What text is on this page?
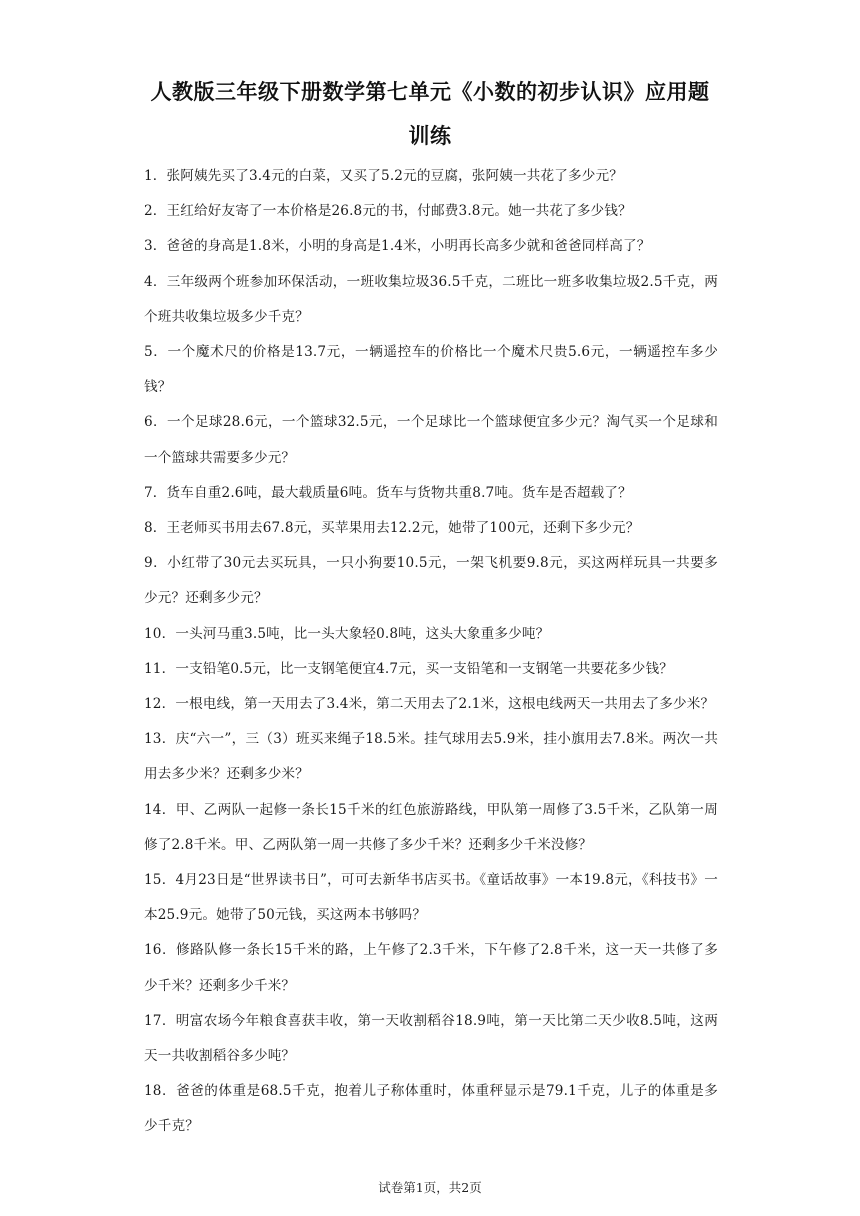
人教版三年级下册数学第七单元《小数的初步认识》应用题
训练

1．张阿姨先买了3.4元的白菜，又买了5.2元的豆腐，张阿姨一共花了多少元？

2．王红给好友寄了一本价格是26.8元的书，付邮费3.8元。她一共花了多少钱？

3．爸爸的身高是1.8米，小明的身高是1.4米，小明再长高多少就和爸爸同样高了？

4．三年级两个班参加环保活动，一班收集垃圾36.5千克，二班比一班多收集垃圾2.5千克，两个班共收集垃圾多少千克？

5．一个魔术尺的价格是13.7元，一辆遥控车的价格比一个魔术尺贵5.6元，一辆遥控车多少钱？

6．一个足球28.6元，一个篮球32.5元，一个足球比一个篮球便宜多少元？淘气买一个足球和一个篮球共需要多少元？

7．货车自重2.6吨，最大载质量6吨。货车与货物共重8.7吨。货车是否超载了？

8．王老师买书用去67.8元，买苹果用去12.2元，她带了100元，还剩下多少元？

9．小红带了30元去买玩具，一只小狗要10.5元，一架飞机要9.8元，买这两样玩具一共要多少元？还剩多少元？

10．一头河马重3.5吨，比一头大象轻0.8吨，这头大象重多少吨？

11．一支铅笔0.5元，比一支钢笔便宜4.7元，买一支铅笔和一支钢笔一共要花多少钱？

12．一根电线，第一天用去了3.4米，第二天用去了2.1米，这根电线两天一共用去了多少米？

13．庆“六一”，三（3）班买来绳子18.5米。挂气球用去5.9米，挂小旗用去7.8米。两次一共用去多少米？还剩多少米？

14．甲、乙两队一起修一条长15千米的红色旅游路线，甲队第一周修了3.5千米，乙队第一周修了2.8千米。甲、乙两队第一周一共修了多少千米？还剩多少千米没修？

15．4月23日是“世界读书日”，可可去新华书店买书。《童话故事》一本19.8元，《科技书》一本25.9元。她带了50元钱，买这两本书够吗？

16．修路队修一条长15千米的路，上午修了2.3千米，下午修了2.8千米，这一天一共修了多少千米？还剩多少千米？

17．明富农场今年粮食喜获丰收，第一天收割稻谷18.9吨，第一天比第二天少收8.5吨，这两天一共收割稻谷多少吨？

18．爸爸的体重是68.5千克，抱着儿子称体重时，体重秤显示是79.1千克，儿子的体重是多少千克？

试卷第1页，共2页
